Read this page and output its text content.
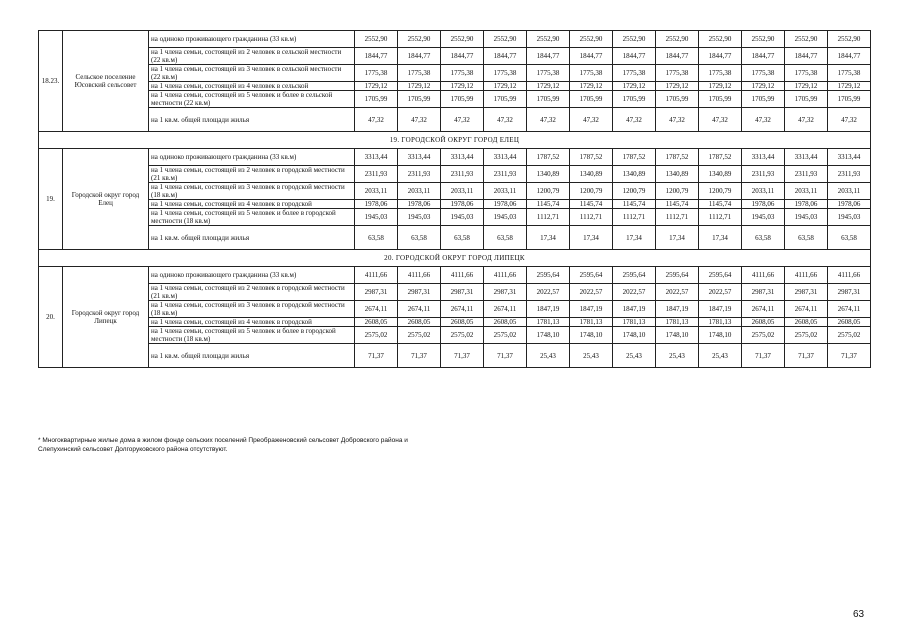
18.23.	Сельское поселение Юсовский сельсовет	на одиноко проживающего гражданина (33 кв.м)	2552,90	2552,90	2552,90	2552,90	2552,90	2552,90	2552,90	2552,90	2552,90	2552,90	2552,90	2552,90
		на 1 члена семьи, состоящей из 2 человек в сельской местности (22 кв.м)	1844,77	1844,77	1844,77	1844,77	1844,77	1844,77	1844,77	1844,77	1844,77	1844,77	1844,77	1844,77
		на 1 члена семьи, состоящей из 3 человек в сельской местности (22 кв.м)	1775,38	1775,38	1775,38	1775,38	1775,38	1775,38	1775,38	1775,38	1775,38	1775,38	1775,38	1775,38
		на 1 члена семьи, состоящей из 4 человек в сельской	1729,12	1729,12	1729,12	1729,12	1729,12	1729,12	1729,12	1729,12	1729,12	1729,12	1729,12	1729,12
		на 1 члена семьи, состоящей из 5 человек и более в сельской местности (22 кв.м)	1705,99	1705,99	1705,99	1705,99	1705,99	1705,99	1705,99	1705,99	1705,99	1705,99	1705,99	1705,99
		на 1 кв.м. общей площади жилья	47,32	47,32	47,32	47,32	47,32	47,32	47,32	47,32	47,32	47,32	47,32	47,32
19. ГОРОДСКОЙ ОКРУГ ГОРОД ЕЛЕЦ														
19.	Городской округ город Елец	на одиноко проживающего гражданина (33 кв.м)	3313,44	3313,44	3313,44	3313,44	1787,52	1787,52	1787,52	1787,52	1787,52	3313,44	3313,44	3313,44
		на 1 члена семьи, состоящей из 2 человек в городской местности (21 кв.м)	2311,93	2311,93	2311,93	2311,93	1340,89	1340,89	1340,89	1340,89	1340,89	2311,93	2311,93	2311,93
		на 1 члена семьи, состоящей из 3 человек в городской местности (18 кв.м)	2033,11	2033,11	2033,11	2033,11	1200,79	1200,79	1200,79	1200,79	1200,79	2033,11	2033,11	2033,11
		на 1 члена семьи, состоящей из 4 человек в городской	1978,06	1978,06	1978,06	1978,06	1145,74	1145,74	1145,74	1145,74	1145,74	1978,06	1978,06	1978,06
		на 1 члена семьи, состоящей из 5 человек и более в городской местности (18 кв.м)	1945,03	1945,03	1945,03	1945,03	1112,71	1112,71	1112,71	1112,71	1112,71	1945,03	1945,03	1945,03
		на 1 кв.м. общей площади жилья	63,58	63,58	63,58	63,58	17,34	17,34	17,34	17,34	17,34	63,58	63,58	63,58
20. ГОРОДСКОЙ ОКРУГ ГОРОД ЛИПЕЦК														
20.	Городской округ город Липецк	на одиноко проживающего гражданина (33 кв.м)	4111,66	4111,66	4111,66	4111,66	2595,64	2595,64	2595,64	2595,64	2595,64	4111,66	4111,66	4111,66
		на 1 члена семьи, состоящей из 2 человек в городской местности (21 кв.м)	2987,31	2987,31	2987,31	2987,31	2022,57	2022,57	2022,57	2022,57	2022,57	2987,31	2987,31	2987,31
		на 1 члена семьи, состоящей из 3 человек в городской местности (18 кв.м)	2674,11	2674,11	2674,11	2674,11	1847,19	1847,19	1847,19	1847,19	1847,19	2674,11	2674,11	2674,11
		на 1 члена семьи, состоящей из 4 человек в городской	2608,05	2608,05	2608,05	2608,05	1781,13	1781,13	1781,13	1781,13	1781,13	2608,05	2608,05	2608,05
		на 1 члена семьи, состоящей из 5 человек и более в городской местности (18 кв.м)	2575,02	2575,02	2575,02	2575,02	1748,10	1748,10	1748,10	1748,10	1748,10	2575,02	2575,02	2575,02
		на 1 кв.м. общей площади жилья	71,37	71,37	71,37	71,37	25,43	25,43	25,43	25,43	25,43	71,37	71,37	71,37
* Многоквартирные жилые дома в жилом фонде сельских поселений Преображеновский сельсовет Добровского района и
Слепухинский сельсовет Долгоруковского района отсутствуют.
63
